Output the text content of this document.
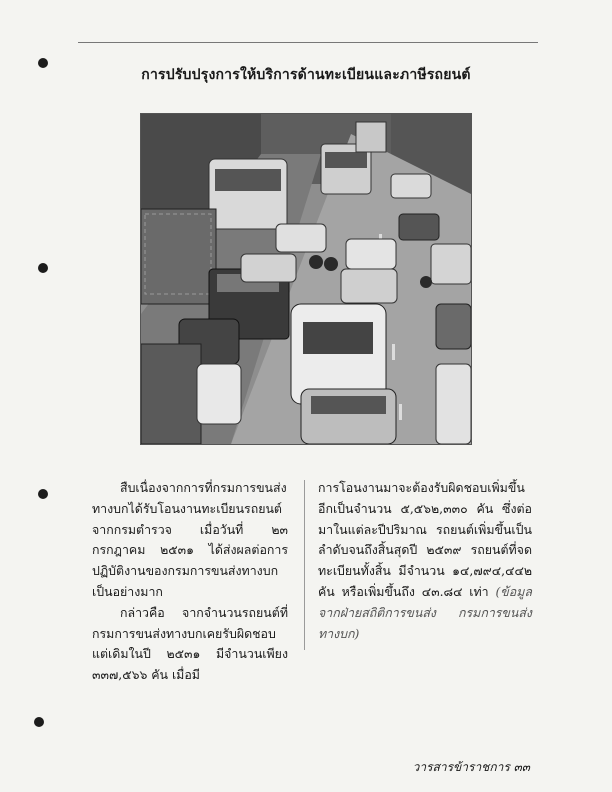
การปรับปรุงการให้บริการด้านทะเบียนและภาษีรถยนต์

สืบเนื่องจากการที่กรมการขนส่งทางบกได้รับโอนงานทะเบียนรถยนต์จากกรมตำรวจ เมื่อวันที่ ๒๓ กรกฎาคม ๒๕๓๑ ได้ส่งผลต่อการปฏิบัติงานของกรมการขนส่งทางบกเป็นอย่างมาก

กล่าวคือ จากจำนวนรถยนต์ที่กรมการขนส่งทางบกเคยรับผิดชอบแต่เดิมในปี ๒๕๓๑ มีจำนวนเพียง ๓๓๗,๕๖๖ คัน เมื่อมี

การโอนงานมาจะต้องรับผิดชอบเพิ่มขึ้นอีกเป็นจำนวน ๕,๕๖๒,๓๓๐ คัน ซึ่งต่อมาในแต่ละปีปริมาณ รถยนต์เพิ่มขึ้นเป็นลำดับจนถึงสิ้นสุดปี ๒๕๓๙ รถยนต์ที่จดทะเบียนทั้งสิ้น มีจำนวน ๑๔,๗๙๔,๔๔๒ คัน หรือเพิ่มขึ้นถึง ๔๓.๘๔ เท่า (ข้อมูลจากฝ่ายสถิติการขนส่ง กรมการขนส่งทางบก)

วารสารข้าราชการ ๓๓
